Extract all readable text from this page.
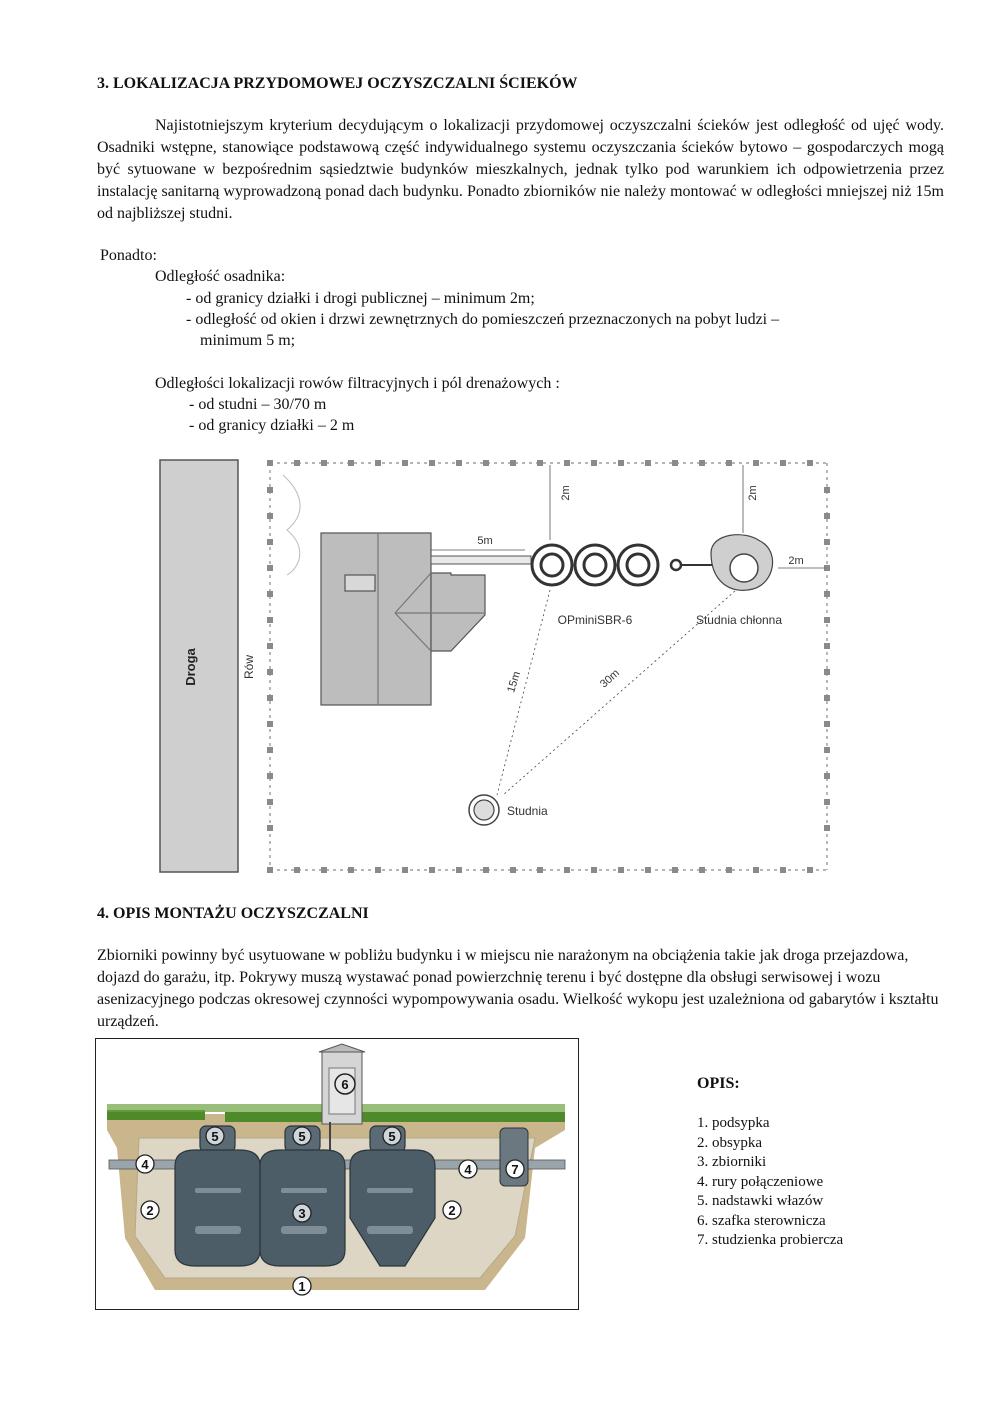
3. LOKALIZACJA PRZYDOMOWEJ OCZYSZCZALNI ŚCIEKÓW
Najistotniejszym kryterium decydującym o lokalizacji przydomowej oczyszczalni ścieków jest odległość od ujęć wody. Osadniki wstępne, stanowiące podstawową część indywidualnego systemu oczyszczania ścieków bytowo – gospodarczych mogą być sytuowane w bezpośrednim sąsiedztwie budynków mieszkalnych, jednak tylko pod warunkiem ich odpowietrzenia przez instalację sanitarną wyprowadzoną ponad dach budynku. Ponadto zbiorników nie należy montować w odległości mniejszej niż 15m od najbliższej studni.
Ponadto:
Odległość osadnika:
- od granicy działki i drogi publicznej – minimum 2m;
- odległość od okien i drzwi zewnętrznych do pomieszczeń przeznaczonych na pobyt ludzi –
minimum 5 m;
Odległości lokalizacji rowów filtracyjnych i pól drenażowych :
- od studni – 30/70 m
- od granicy działki – 2 m
Droga	Rów
5m
OPminiSBR-6	Studnia chłonna
2m
2m	2m
15m	30m
Studnia
4. OPIS MONTAŻU OCZYSZCZALNI
Zbiorniki powinny być usytuowane w pobliżu budynku i w miejscu nie narażonym na obciążenia takie jak droga przejazdowa, dojazd do garażu, itp. Pokrywy muszą wystawać ponad powierzchnię terenu i być dostępne dla obsługi serwisowej i wozu asenizacyjnego podczas okresowej czynności wypompowywania osadu. Wielkość wykopu jest uzależniona od gabarytów i kształtu urządzeń.
6
5	5	5
4	4	7
2	2
3
1
OPIS:
1. podsypka
2. obsypka
3. zbiorniki
4. rury połączeniowe
5. nadstawki włazów
6. szafka sterownicza
7. studzienka probiercza
